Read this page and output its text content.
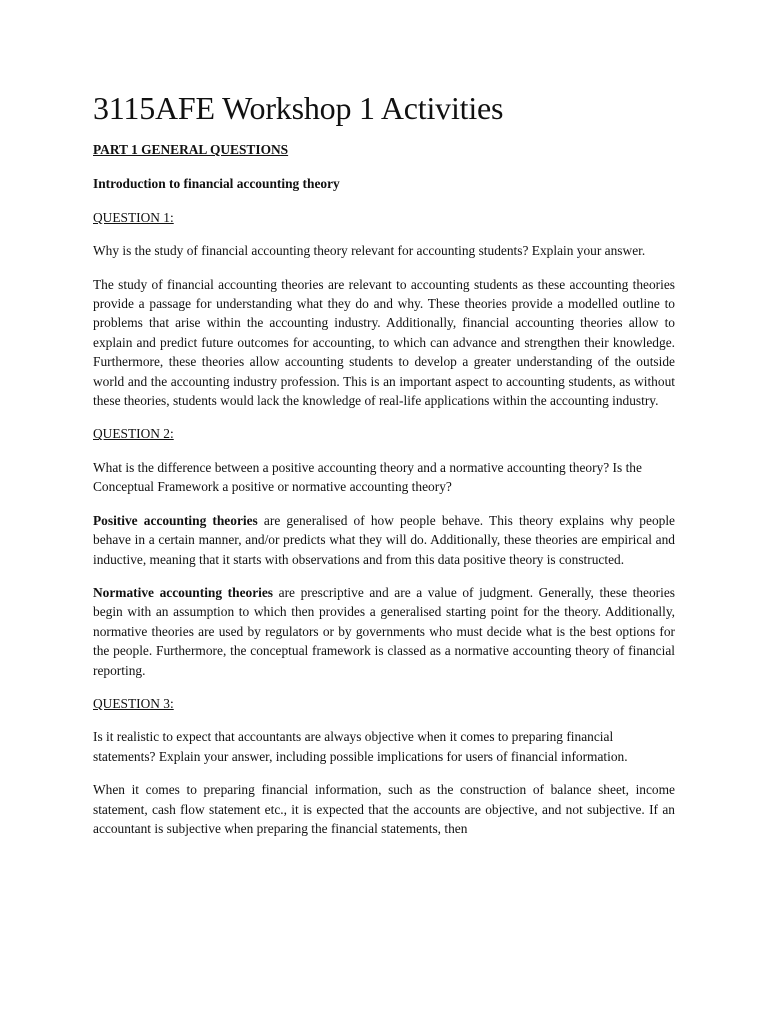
3115AFE Workshop 1 Activities
PART 1 GENERAL QUESTIONS
Introduction to financial accounting theory
QUESTION 1:

Why is the study of financial accounting theory relevant for accounting students? Explain your answer.

The study of financial accounting theories are relevant to accounting students as these accounting theories provide a passage for understanding what they do and why. These theories provide a modelled outline to problems that arise within the accounting industry. Additionally, financial accounting theories allow to explain and predict future outcomes for accounting, to which can advance and strengthen their knowledge. Furthermore, these theories allow accounting students to develop a greater understanding of the outside world and the accounting industry profession. This is an important aspect to accounting students, as without these theories, students would lack the knowledge of real-life applications within the accounting industry.

QUESTION 2:

What is the difference between a positive accounting theory and a normative accounting theory? Is the Conceptual Framework a positive or normative accounting theory?

Positive accounting theories are generalised of how people behave. This theory explains why people behave in a certain manner, and/or predicts what they will do. Additionally, these theories are empirical and inductive, meaning that it starts with observations and from this data positive theory is constructed.

Normative accounting theories are prescriptive and are a value of judgment. Generally, these theories begin with an assumption to which then provides a generalised starting point for the theory. Additionally, normative theories are used by regulators or by governments who must decide what is the best options for the people. Furthermore, the conceptual framework is classed as a normative accounting theory of financial reporting.

QUESTION 3:

Is it realistic to expect that accountants are always objective when it comes to preparing financial statements? Explain your answer, including possible implications for users of financial information.

When it comes to preparing financial information, such as the construction of balance sheet, income statement, cash flow statement etc., it is expected that the accounts are objective, and not subjective. If an accountant is subjective when preparing the financial statements, then
